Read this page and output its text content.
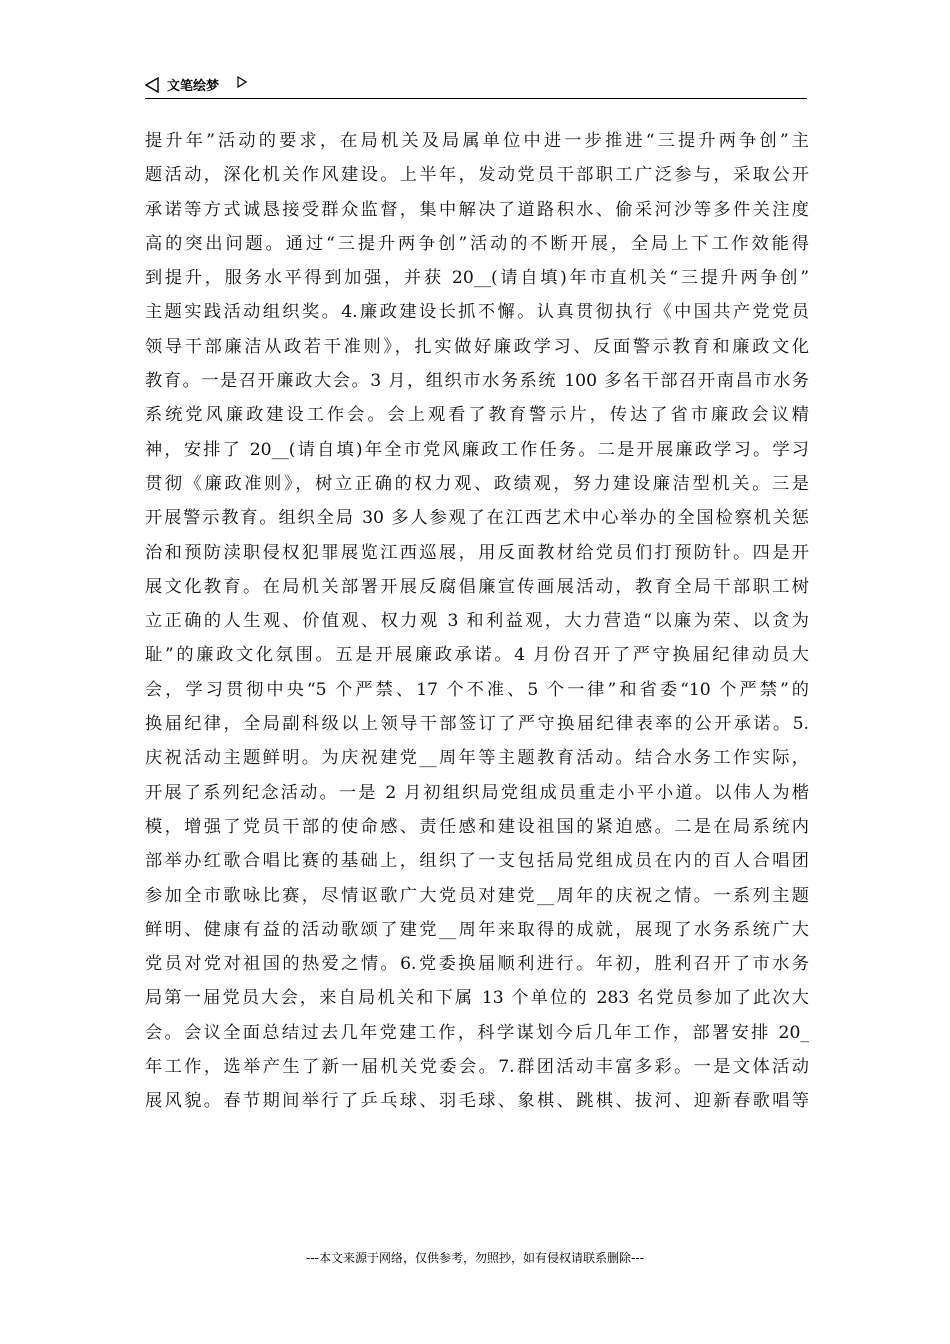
文笔绘梦
提升年”活动的要求，在局机关及局属单位中进一步推进“三提升两争创”主
题活动，深化机关作风建设。上半年，发动党员干部职工广泛参与，采取公开
承诺等方式诚恳接受群众监督，集中解决了道路积水、偷采河沙等多件关注度
高的突出问题。通过“三提升两争创”活动的不断开展，全局上下工作效能得
到提升，服务水平得到加强，并获 20__(请自填)年市直机关“三提升两争创”
主题实践活动组织奖。4.廉政建设长抓不懈。认真贯彻执行《中国共产党党员
领导干部廉洁从政若干准则》，扎实做好廉政学习、反面警示教育和廉政文化
教育。一是召开廉政大会。3 月，组织市水务系统 100 多名干部召开南昌市水务
系统党风廉政建设工作会。会上观看了教育警示片，传达了省市廉政会议精
神，安排了 20__(请自填)年全市党风廉政工作任务。二是开展廉政学习。学习
贯彻《廉政准则》，树立正确的权力观、政绩观，努力建设廉洁型机关。三是
开展警示教育。组织全局 30 多人参观了在江西艺术中心举办的全国检察机关惩
治和预防渎职侵权犯罪展览江西巡展，用反面教材给党员们打预防针。四是开
展文化教育。在局机关部署开展反腐倡廉宣传画展活动，教育全局干部职工树
立正确的人生观、价值观、权力观 3 和利益观，大力营造“以廉为荣、以贪为
耻”的廉政文化氛围。五是开展廉政承诺。4 月份召开了严守换届纪律动员大
会，学习贯彻中央“5 个严禁、17 个不准、5 个一律”和省委“10 个严禁”的
换届纪律，全局副科级以上领导干部签订了严守换届纪律表率的公开承诺。5.
庆祝活动主题鲜明。为庆祝建党__周年等主题教育活动。结合水务工作实际，
开展了系列纪念活动。一是 2 月初组织局党组成员重走小平小道。以伟人为楷
模，增强了党员干部的使命感、责任感和建设祖国的紧迫感。二是在局系统内
部举办红歌合唱比赛的基础上，组织了一支包括局党组成员在内的百人合唱团
参加全市歌咏比赛，尽情讴歌广大党员对建党__周年的庆祝之情。一系列主题
鲜明、健康有益的活动歌颂了建党__周年来取得的成就，展现了水务系统广大
党员对党对祖国的热爱之情。6.党委换届顺利进行。年初，胜利召开了市水务
局第一届党员大会，来自局机关和下属 13 个单位的 283 名党员参加了此次大
会。会议全面总结过去几年党建工作，科学谋划今后几年工作，部署安排 20_
年工作，选举产生了新一届机关党委会。7.群团活动丰富多彩。一是文体活动
展风貌。春节期间举行了乒乓球、羽毛球、象棋、跳棋、拔河、迎新春歌唱等
---本文来源于网络，仅供参考，勿照抄，如有侵权请联系删除---
